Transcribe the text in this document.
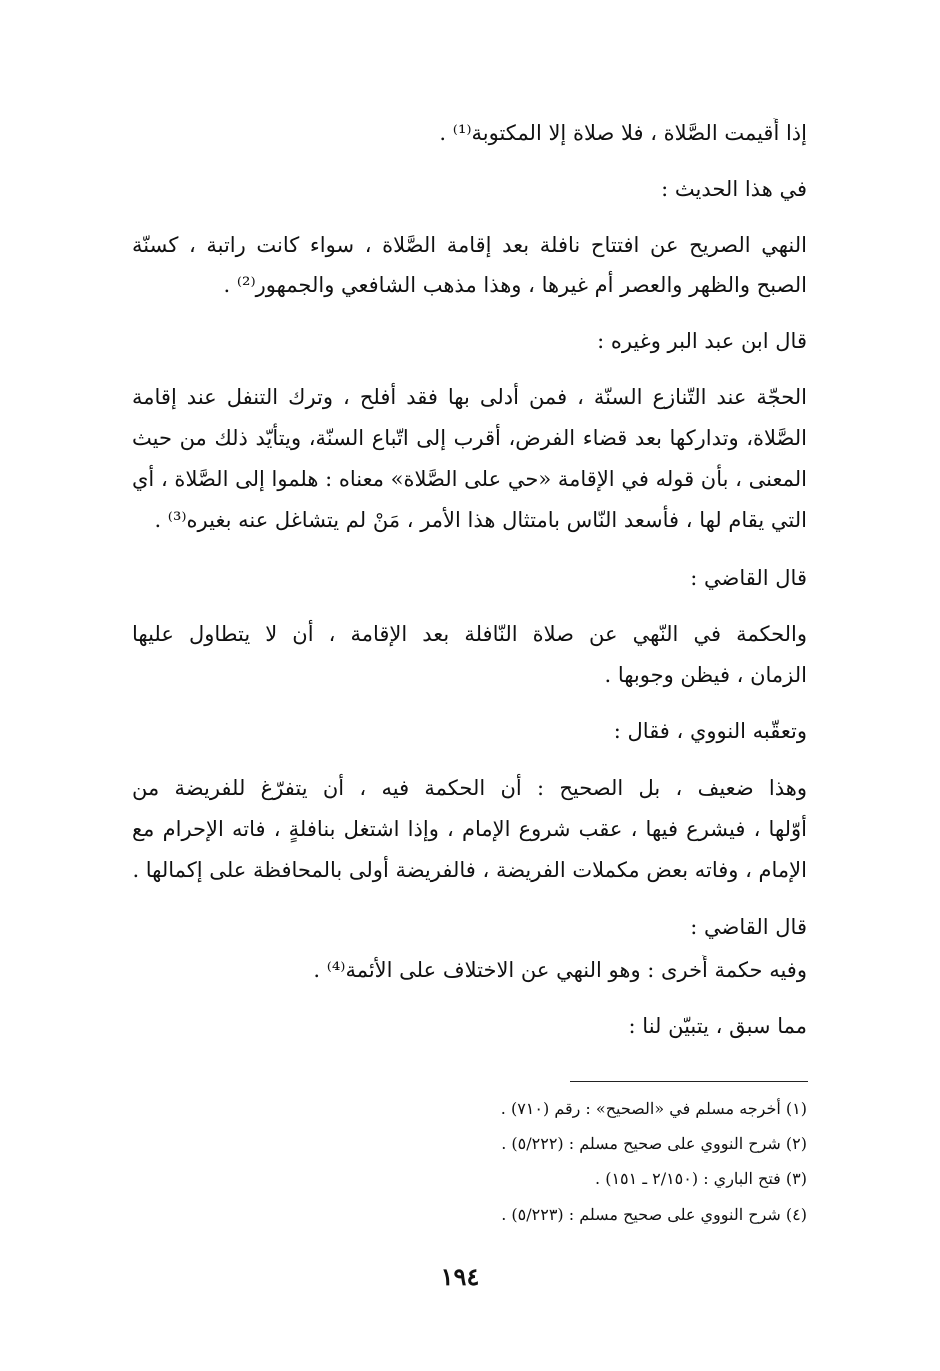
إذا أُقيمت الصَّلاة ، فلا صلاة إلا المكتوبة⁽¹⁾ .
في هذا الحديث :
النهي الصريح عن افتتاح نافلة بعد إقامة الصَّلاة ، سواء كانت راتبة ، كسنّة
الصبح والظهر والعصر أم غيرها ، وهذا مذهب الشافعي والجمهور⁽²⁾ .
قال ابن عبد البر وغيره :
الحجّة عند التّنازع السنّة ، فمن أدلى بها فقد أفلح ، وترك التنفل عند إقامة
الصَّلاة، وتداركها بعد قضاء الفرض، أقرب إلى اتّباع السنّة، ويتأيّد ذلك من حيث
المعنى ، بأن قوله في الإقامة «حي على الصَّلاة» معناه : هلموا إلى الصَّلاة ، أي
التي يقام لها ، فأسعد النّاس بامتثال هذا الأمر ، مَنْ لم يتشاغل عنه بغيره⁽³⁾ .
قال القاضي :
والحكمة في النّهي عن صلاة النّافلة بعد الإقامة ، أن لا يتطاول عليها
الزمان ، فيظن وجوبها .
وتعقّبه النووي ، فقال :
وهذا ضعيف ، بل الصحيح : أن الحكمة فيه ، أن يتفرّغ للفريضة من
أوّلها ، فيشرع فيها ، عقب شروع الإمام ، وإذا اشتغل بنافلةٍ ، فاته الإحرام مع
الإمام ، وفاته بعض مكملات الفريضة ، فالفريضة أولى بالمحافظة على إكمالها .
قال القاضي :
وفيه حكمة أُخرى : وهو النهي عن الاختلاف على الأئمة⁽⁴⁾ .
مما سبق ، يتبيّن لنا :
(١) أخرجه مسلم في «الصحيح» : رقم (٧١٠) .
(٢) شرح النووي على صحيح مسلم : (٥/٢٢٢) .
(٣) فتح الباري : (٢/١٥٠ ـ ١٥١) .
(٤) شرح النووي على صحيح مسلم : (٥/٢٢٣) .
١٩٤
